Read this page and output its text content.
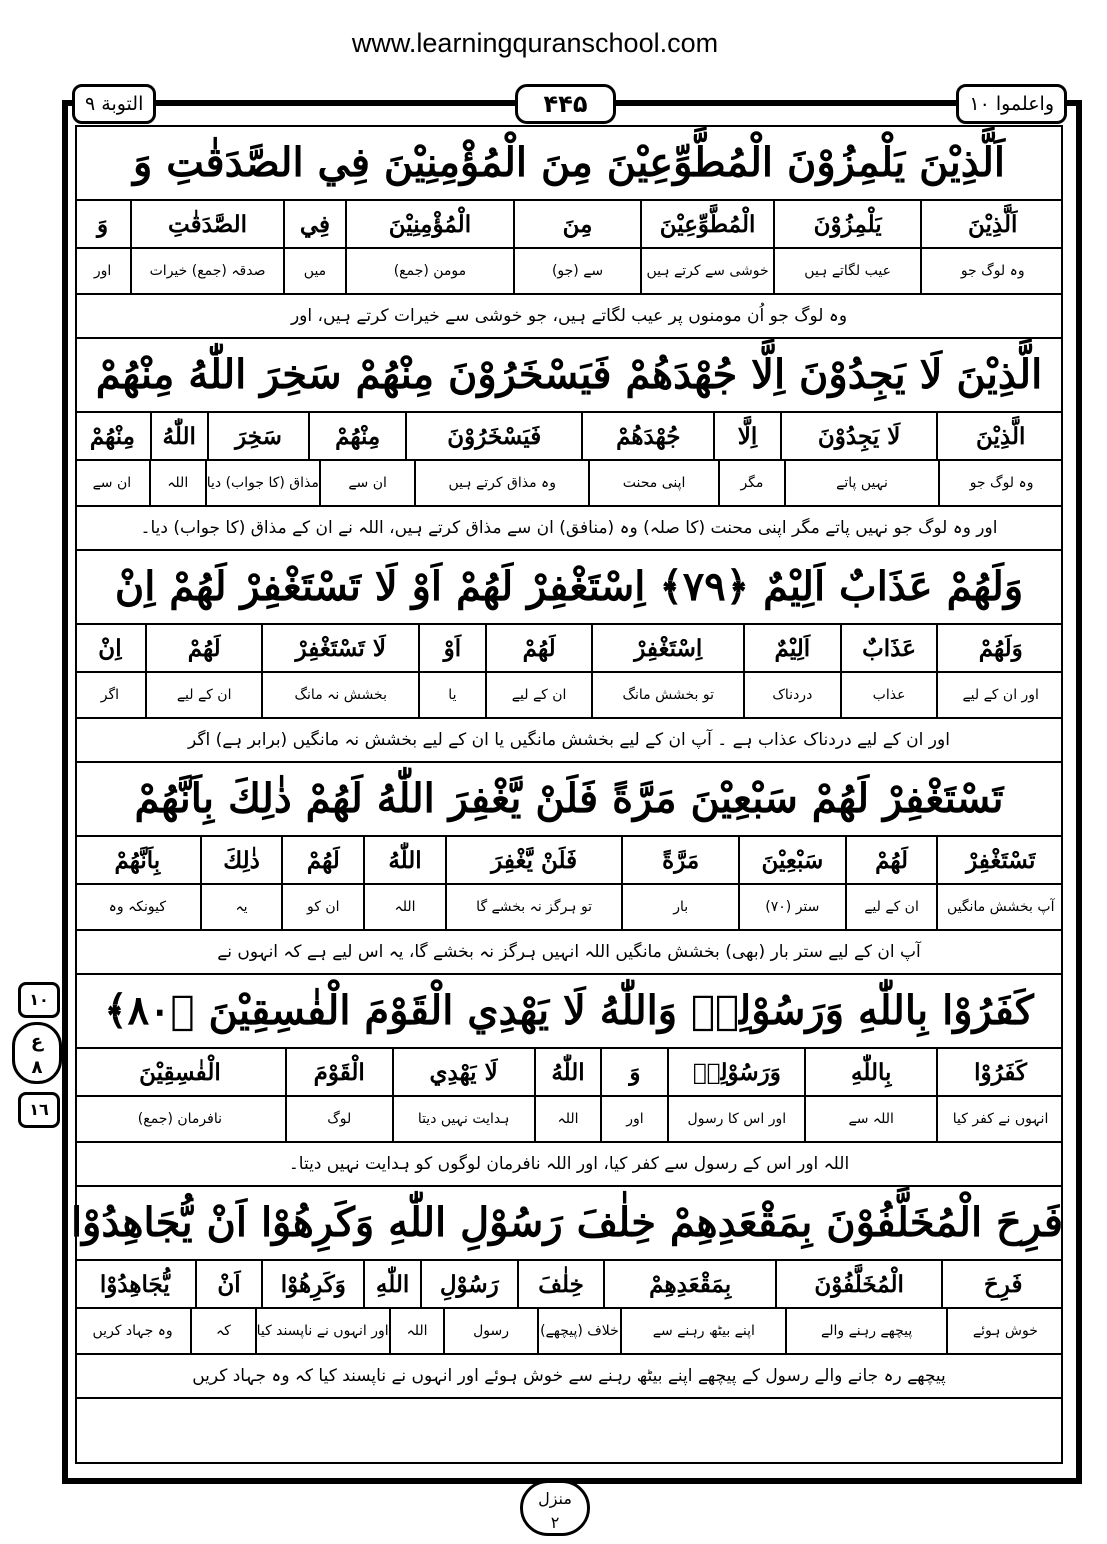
www.learningquranschool.com
التوبة ٩	۴۴۵	واعلموا ١٠
اَلَّذِيْنَ يَلْمِزُوْنَ الْمُطَّوِّعِيْنَ مِنَ الْمُؤْمِنِيْنَ فِي الصَّدَقٰتِ وَ
اَلَّذِيْنَ
يَلْمِزُوْنَ
الْمُطَّوِّعِيْنَ
مِنَ
الْمُؤْمِنِيْنَ
فِي
الصَّدَقٰتِ
وَ
وہ لوگ جو
عیب لگاتے ہیں
خوشی سے کرتے ہیں
سے (جو)
مومن (جمع)
میں
صدقہ (جمع) خیرات
اور
وہ لوگ جو اُن مومنوں پر عیب لگاتے ہیں، جو خوشی سے خیرات کرتے ہیں، اور
الَّذِيْنَ لَا يَجِدُوْنَ اِلَّا جُهْدَهُمْ فَيَسْخَرُوْنَ مِنْهُمْ سَخِرَ اللّٰهُ مِنْهُمْ
الَّذِيْنَ
لَا يَجِدُوْنَ
اِلَّا
جُهْدَهُمْ
فَيَسْخَرُوْنَ
مِنْهُمْ
سَخِرَ
اللّٰهُ
مِنْهُمْ
وہ لوگ جو
نہیں پاتے
مگر
اپنی محنت
وہ مذاق کرتے ہیں
ان سے
مذاق (کا جواب) دیا
اللہ
ان سے
اور وہ لوگ جو نہیں پاتے مگر اپنی محنت (کا صلہ) وہ (منافق) ان سے مذاق کرتے ہیں، اللہ نے ان کے مذاق (کا جواب) دیا۔
وَلَهُمْ عَذَابٌ اَلِيْمٌ ﴿٧٩﴾ اِسْتَغْفِرْ لَهُمْ اَوْ لَا تَسْتَغْفِرْ لَهُمْ اِنْ
وَلَهُمْ
عَذَابٌ
اَلِيْمٌ
اِسْتَغْفِرْ
لَهُمْ
اَوْ
لَا تَسْتَغْفِرْ
لَهُمْ
اِنْ
اور ان کے لیے
عذاب
دردناک
تو بخشش مانگ
ان کے لیے
یا
بخشش نہ مانگ
ان کے لیے
اگر
اور ان کے لیے دردناک عذاب ہے ۔ آپ ان کے لیے بخشش مانگیں یا ان کے لیے بخشش نہ مانگیں (برابر ہے) اگر
تَسْتَغْفِرْ لَهُمْ سَبْعِيْنَ مَرَّةً فَلَنْ يَّغْفِرَ اللّٰهُ لَهُمْ ذٰلِكَ بِاَنَّهُمْ
تَسْتَغْفِرْ
لَهُمْ
سَبْعِيْنَ
مَرَّةً
فَلَنْ يَّغْفِرَ
اللّٰهُ
لَهُمْ
ذٰلِكَ
بِاَنَّهُمْ
آپ بخشش مانگیں
ان کے لیے
ستر (۷۰)
بار
تو ہرگز نہ بخشے گا
اللہ
ان کو
یہ
کیونکہ وہ
آپ ان کے لیے ستر بار (بھی) بخشش مانگیں اللہ انہیں ہرگز نہ بخشے گا، یہ اس لیے ہے کہ انہوں نے
كَفَرُوْا بِاللّٰهِ وَرَسُوْلِهٖ وَاللّٰهُ لَا يَهْدِي الْقَوْمَ الْفٰسِقِيْنَ ﴿٨٠﴾
كَفَرُوْا
بِاللّٰهِ
وَرَسُوْلِهٖ
وَ
اللّٰهُ
لَا يَهْدِي
الْقَوْمَ
الْفٰسِقِيْنَ
انہوں نے کفر کیا
اللہ سے
اور اس کا رسول
اور
اللہ
ہدایت نہیں دیتا
لوگ
نافرمان (جمع)
اللہ اور اس کے رسول سے کفر کیا، اور اللہ نافرمان لوگوں کو ہدایت نہیں دیتا۔
فَرِحَ الْمُخَلَّفُوْنَ بِمَقْعَدِهِمْ خِلٰفَ رَسُوْلِ اللّٰهِ وَكَرِهُوْا اَنْ يُّجَاهِدُوْا
فَرِحَ
الْمُخَلَّفُوْنَ
بِمَقْعَدِهِمْ
خِلٰفَ
رَسُوْلِ
اللّٰهِ
وَكَرِهُوْا
اَنْ
يُّجَاهِدُوْا
خوش ہوئے
پیچھے رہنے والے
اپنے بیٹھ رہنے سے
خلاف (پیچھے)
رسول
اللہ
اور انہوں نے ناپسند کیا
کہ
وہ جہاد کریں
پیچھے رہ جانے والے رسول کے پیچھے اپنے بیٹھ رہنے سے خوش ہوئے اور انہوں نے ناپسند کیا کہ وہ جہاد کریں
١٠
ع
٨
١٦
منزل
٢
